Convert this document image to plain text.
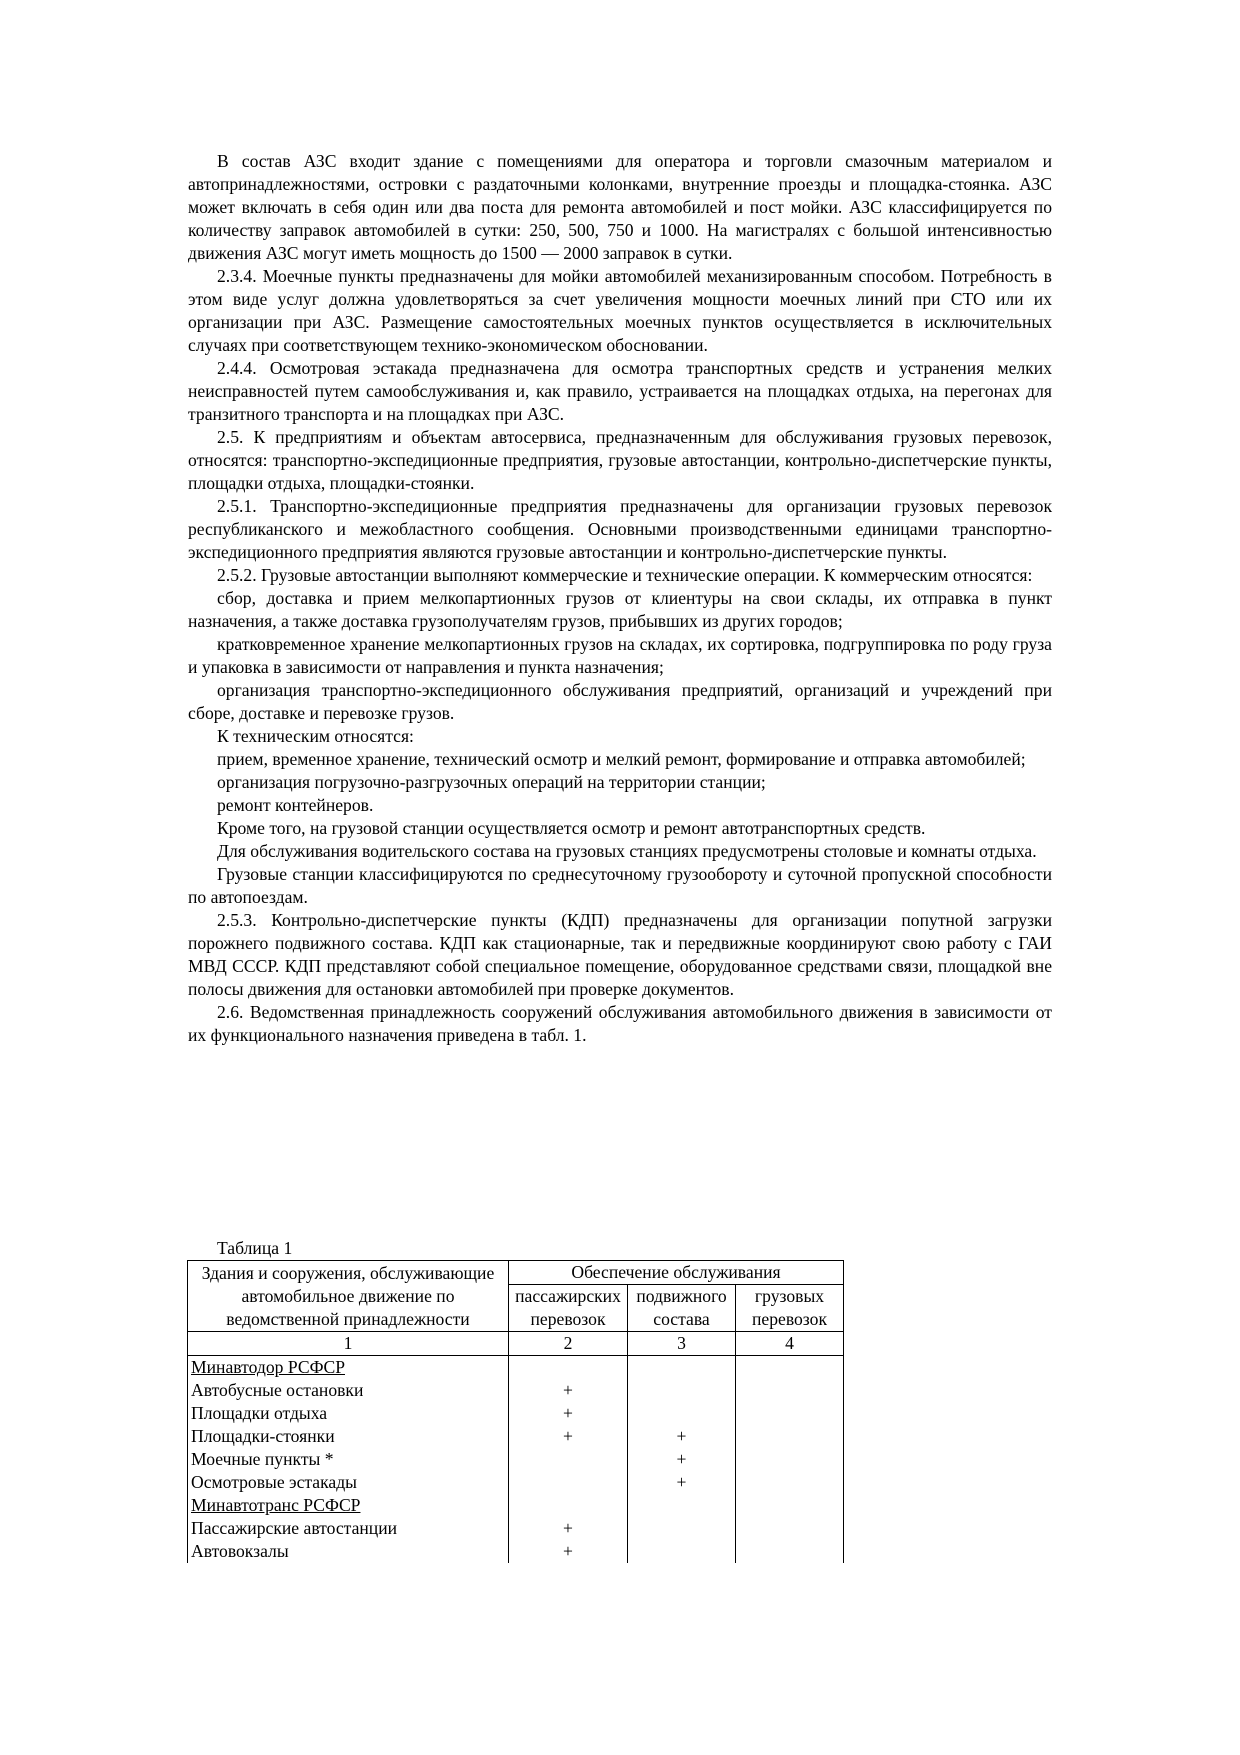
В состав АЗС входит здание с помещениями для оператора и торговли смазочным материалом и автопринадлежностями, островки с раздаточными колонками, внутренние проезды и площадка-стоянка. АЗС может включать в себя один или два поста для ремонта автомобилей и пост мойки. АЗС классифицируется по количеству заправок автомобилей в сутки: 250, 500, 750 и 1000. На магистралях с большой интенсивностью движения АЗС могут иметь мощность до 1500 — 2000 заправок в сутки.

2.3.4. Моечные пункты предназначены для мойки автомобилей механизированным способом. Потребность в этом виде услуг должна удовлетворяться за счет увеличения мощности моечных линий при СТО или их организации при АЗС. Размещение самостоятельных моечных пунктов осуществляется в исключительных случаях при соответствующем технико-экономическом обосновании.

2.4.4. Осмотровая эстакада предназначена для осмотра транспортных средств и устранения мелких неисправностей путем самообслуживания и, как правило, устраивается на площадках отдыха, на перегонах для транзитного транспорта и на площадках при АЗС.

2.5. К предприятиям и объектам автосервиса, предназначенным для обслуживания грузовых перевозок, относятся: транспортно-экспедиционные предприятия, грузовые автостанции, контрольно-диспетчерские пункты, площадки отдыха, площадки-стоянки.

2.5.1. Транспортно-экспедиционные предприятия предназначены для организации грузовых перевозок республиканского и межобластного сообщения. Основными производственными единицами транспортно-экспедиционного предприятия являются грузовые автостанции и контрольно-диспетчерские пункты.

2.5.2. Грузовые автостанции выполняют коммерческие и технические операции. К коммерческим относятся:

сбор, доставка и прием мелкопартионных грузов от клиентуры на свои склады, их отправка в пункт назначения, а также доставка грузополучателям грузов, прибывших из других городов;

кратковременное хранение мелкопартионных грузов на складах, их сортировка, подгруппировка по роду груза и упаковка в зависимости от направления и пункта назначения;

организация транспортно-экспедиционного обслуживания предприятий, организаций и учреждений при сборе, доставке и перевозке грузов.

К техническим относятся:

прием, временное хранение, технический осмотр и мелкий ремонт, формирование и отправка автомобилей;

организация погрузочно-разгрузочных операций на территории станции;

ремонт контейнеров.

Кроме того, на грузовой станции осуществляется осмотр и ремонт автотранспортных средств.

Для обслуживания водительского состава на грузовых станциях предусмотрены столовые и комнаты отдыха.

Грузовые станции классифицируются по среднесуточному грузообороту и суточной пропускной способности по автопоездам.

2.5.3. Контрольно-диспетчерские пункты (КДП) предназначены для организации попутной загрузки порожнего подвижного состава. КДП как стационарные, так и передвижные координируют свою работу с ГАИ МВД СССР. КДП представляют собой специальное помещение, оборудованное средствами связи, площадкой вне полосы движения для остановки автомобилей при проверке документов.

2.6. Ведомственная принадлежность сооружений обслуживания автомобильного движения в зависимости от их функционального назначения приведена в табл. 1.

Таблица 1
Здания и сооружения, обслуживающие автомобильное движение по ведомственной принадлежности	Обеспечение обслуживания		
	пассажирских перевозок	подвижного состава	грузовых перевозок
1	2	3	4
Минавтодор РСФСР			
Автобусные остановки	+		
Площадки отдыха	+		
Площадки-стоянки	+	+	
Моечные пункты *		+	
Осмотровые эстакады		+	
Минавтотранс РСФСР			
Пассажирские автостанции	+		
Автовокзалы	+		
